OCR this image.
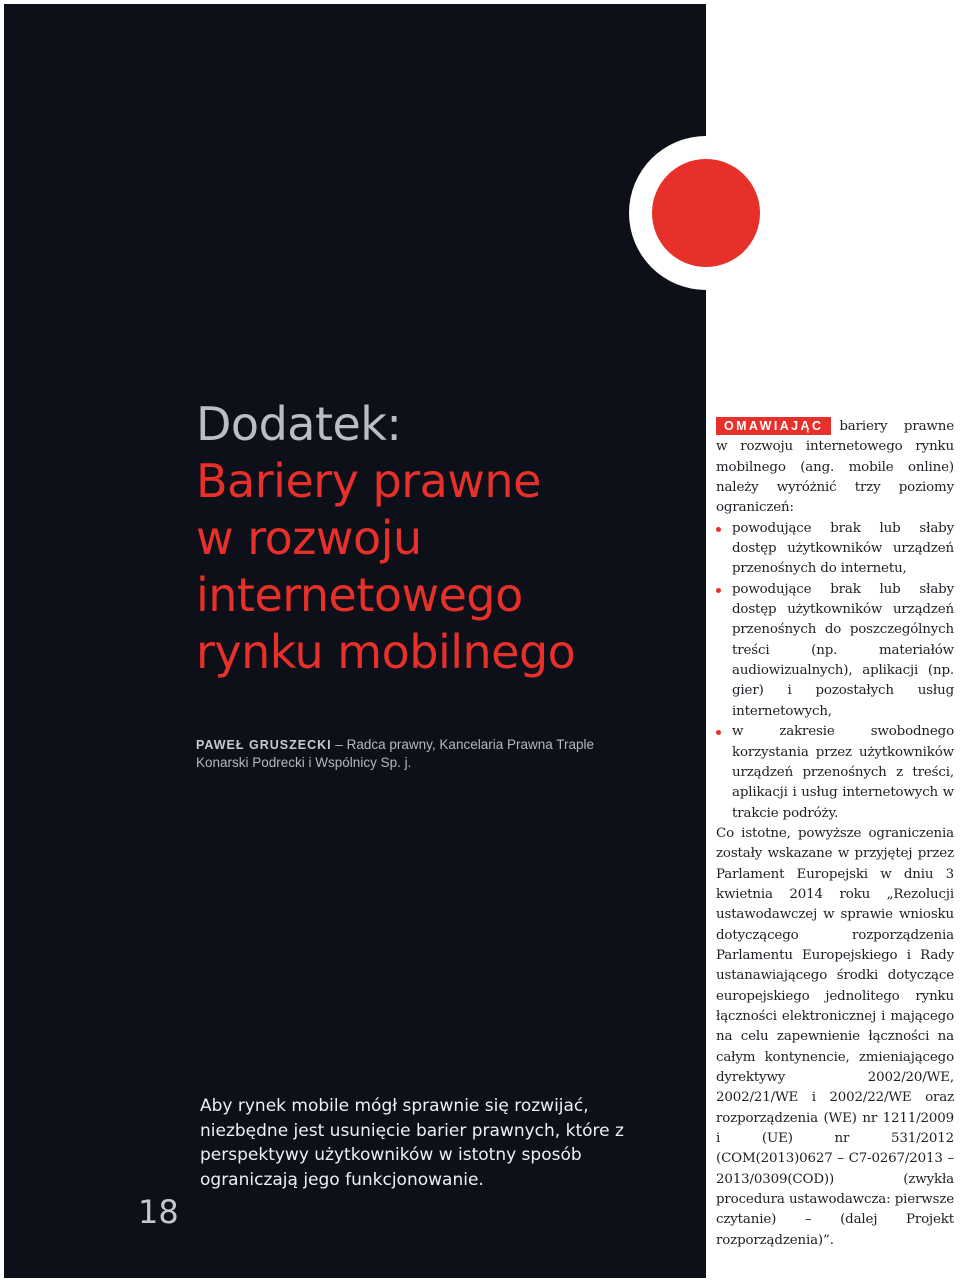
Dodatek:
Bariery prawne
w rozwoju
internetowego
rynku mobilnego
PAWEŁ GRUSZECKI – Radca prawny, Kancelaria Prawna Traple Konarski Podrecki i Wspólnicy Sp. j.

Aby rynek mobile mógł sprawnie się rozwijać, niezbędne jest usunięcie barier prawnych, które z perspektywy użytkowników w istotny sposób ograniczają jego funkcjonowanie.

18

OMAWIAJĄC bariery prawne w rozwoju internetowego rynku mobilnego (ang. mobile online) należy wyróżnić trzy poziomy ograniczeń:

powodujące brak lub słaby dostęp użytkowników urządzeń przenośnych do internetu,
powodujące brak lub słaby dostęp użytkowników urządzeń przenośnych do poszczególnych treści (np. materiałów audiowizualnych), aplikacji (np. gier) i pozostałych usług internetowych,
w zakresie swobodnego korzystania przez użytkowników urządzeń przenośnych z treści, aplikacji i usług internetowych w trakcie podróży.

Co istotne, powyższe ograniczenia zostały wskazane w przyjętej przez Parlament Europejski w dniu 3 kwietnia 2014 roku „Rezolucji ustawodawczej w sprawie wniosku dotyczącego rozporządzenia Parlamentu Europejskiego i Rady ustanawiającego środki dotyczące europejskiego jednolitego rynku łączności elektronicznej i mającego na celu zapewnienie łączności na całym kontynencie, zmieniającego dyrektywy 2002/20/WE, 2002/21/WE i 2002/22/WE oraz rozporządzenia (WE) nr 1211/2009 i (UE) nr 531/2012 (COM(2013)0627 – C7-0267/2013 – 2013/0309(COD)) (zwykła procedura ustawodawcza: pierwsze czytanie) – (dalej Projekt rozporządzenia)”.
